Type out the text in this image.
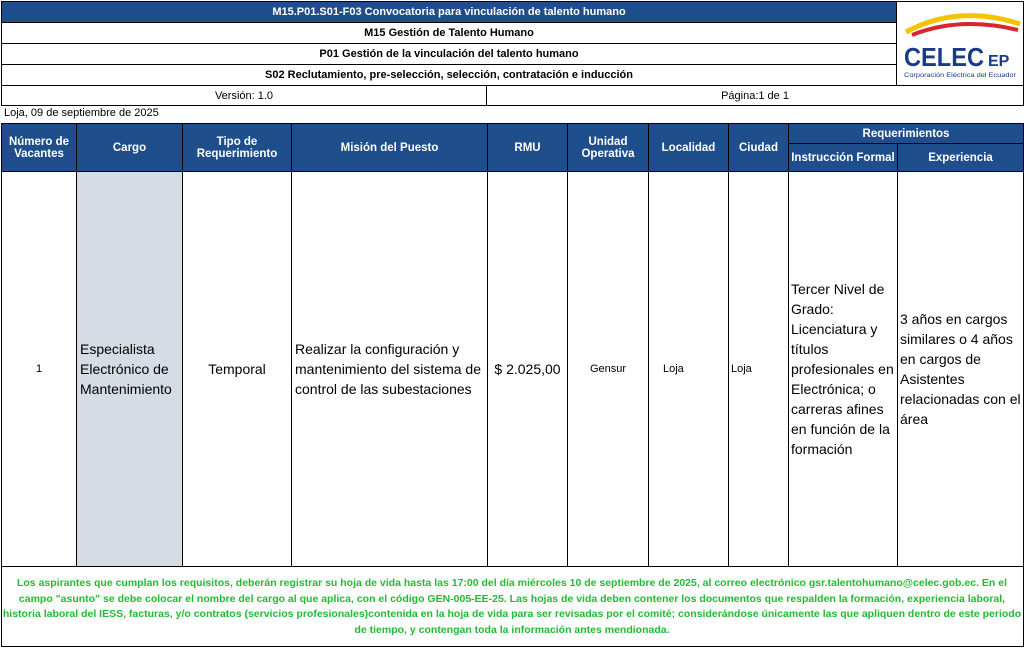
M15.P01.S01-F03 Convocatoria para vinculación de talento humano		CELEC EP
Corporación Eléctrica del Ecuador

M15 Gestión de Talento Humano		
P01 Gestión de la vinculación del talento humano		
S02 Reclutamiento, pre-selección, selección, contratación e inducción		
Versión: 1.0	Página:1 de 1	
Loja, 09 de septiembre de 2025
Número de Vacantes	Cargo	Tipo de Requerimiento	Misión del Puesto	RMU	Unidad Operativa	Localidad	Ciudad	Requerimientos	
								Instrucción Formal	Experiencia
1	Especialista Electrónico de Mantenimiento	Temporal	Realizar la configuración y mantenimiento del sistema de control de las subestaciones	$ 2.025,00	Gensur	Loja	Loja	Tercer Nivel de Grado: Licenciatura y títulos profesionales en Electrónica; o carreras afines en función de la formación	3 años en cargos similares o 4 años en cargos de Asistentes relacionadas con el área

Los aspirantes que cumplan los requisitos, deberán registrar su hoja de vida hasta las 17:00 del día miércoles 10 de septiembre de 2025, al correo electrónico gsr.talentohumano@celec.gob.ec. En el campo "asunto" se debe colocar el nombre del cargo al que aplica, con el código GEN-005-EE-25. Las hojas de vida deben contener los documentos que respalden la formación, experiencia laboral, historia laboral del IESS, facturas, y/o contratos (servicios profesionales)contenida en la hoja de vida para ser revisadas por el comité; considerándose únicamente las que apliquen dentro de este periodo de tiempo, y contengan toda la información antes mendionada.
